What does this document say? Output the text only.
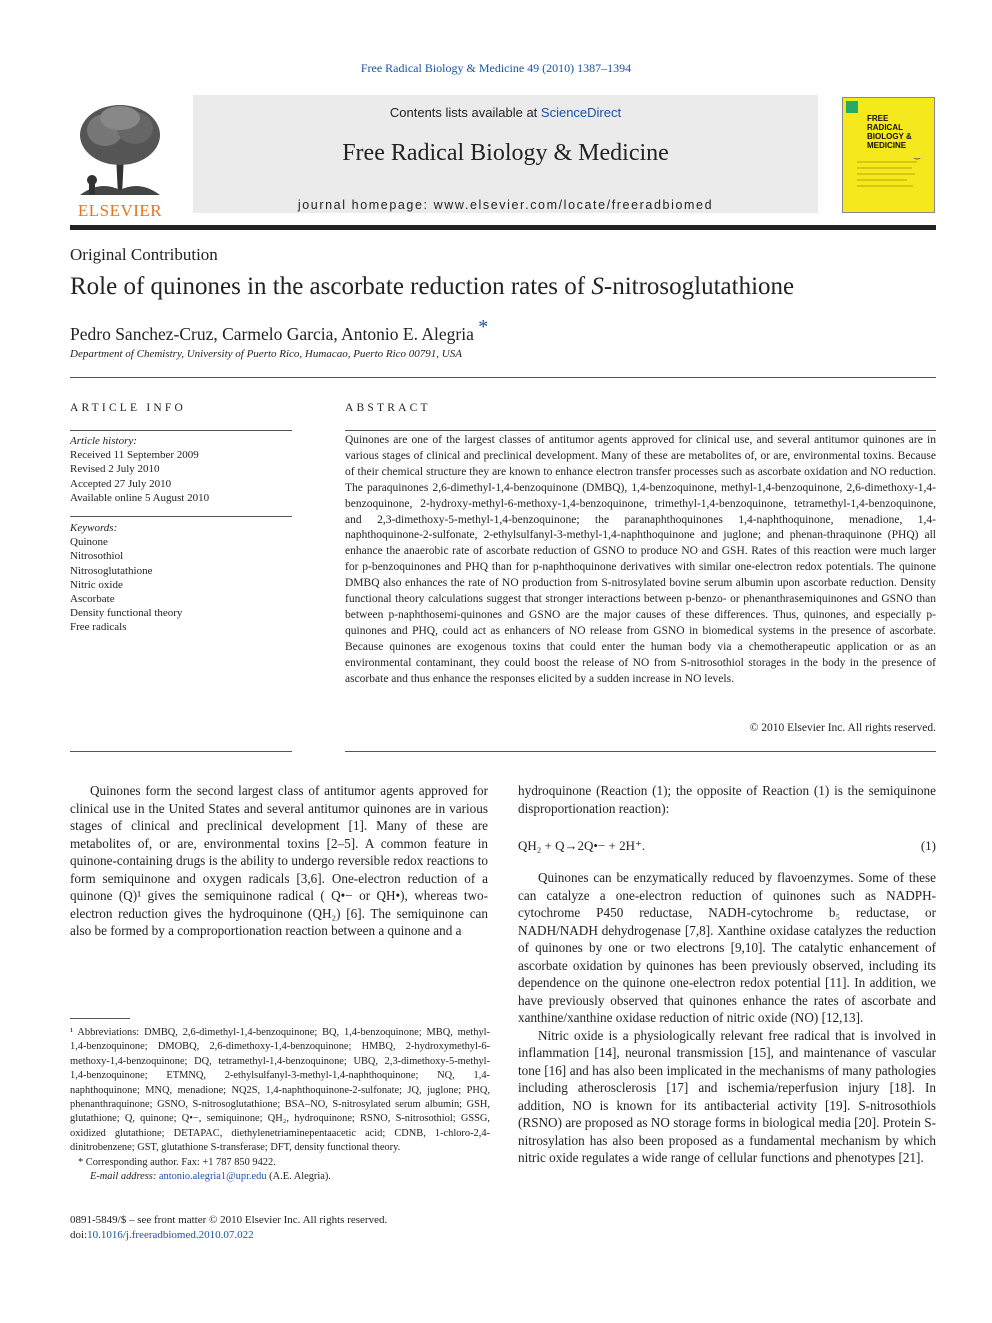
Free Radical Biology & Medicine 49 (2010) 1387–1394
ELSEVIER
Contents lists available at ScienceDirect
Free Radical Biology & Medicine
journal homepage: www.elsevier.com/locate/freeradbiomed
FREE
RADICAL
BIOLOGY &
MEDICINE
Original Contribution
Role of quinones in the ascorbate reduction rates of S-nitrosoglutathione
Pedro Sanchez-Cruz, Carmelo Garcia, Antonio E. Alegria *
Department of Chemistry, University of Puerto Rico, Humacao, Puerto Rico 00791, USA
ARTICLE INFO
Article history:
Received 11 September 2009
Revised 2 July 2010
Accepted 27 July 2010
Available online 5 August 2010
Keywords:
Quinone
Nitrosothiol
Nitrosoglutathione
Nitric oxide
Ascorbate
Density functional theory
Free radicals
ABSTRACT
Quinones are one of the largest classes of antitumor agents approved for clinical use, and several antitumor quinones are in various stages of clinical and preclinical development. Many of these are metabolites of, or are, environmental toxins. Because of their chemical structure they are known to enhance electron transfer processes such as ascorbate oxidation and NO reduction. The paraquinones 2,6-dimethyl-1,4-benzoquinone (DMBQ), 1,4-benzoquinone, methyl-1,4-benzoquinone, 2,6-dimethoxy-1,4-benzoquinone, 2-hydroxy-methyl-6-methoxy-1,4-benzoquinone, trimethyl-1,4-benzoquinone, tetramethyl-1,4-benzoquinone, and 2,3-dimethoxy-5-methyl-1,4-benzoquinone; the paranaphthoquinones 1,4-naphthoquinone, menadione, 1,4-naphthoquinone-2-sulfonate, 2-ethylsulfanyl-3-methyl-1,4-naphthoquinone and juglone; and phenan-thraquinone (PHQ) all enhance the anaerobic rate of ascorbate reduction of GSNO to produce NO and GSH. Rates of this reaction were much larger for p-benzoquinones and PHQ than for p-naphthoquinone derivatives with similar one-electron redox potentials. The quinone DMBQ also enhances the rate of NO production from S-nitrosylated bovine serum albumin upon ascorbate reduction. Density functional theory calculations suggest that stronger interactions between p-benzo- or phenanthrasemiquinones and GSNO than between p-naphthosemi-quinones and GSNO are the major causes of these differences. Thus, quinones, and especially p-quinones and PHQ, could act as enhancers of NO release from GSNO in biomedical systems in the presence of ascorbate. Because quinones are exogenous toxins that could enter the human body via a chemotherapeutic application or as an environmental contaminant, they could boost the release of NO from S-nitrosothiol storages in the body in the presence of ascorbate and thus enhance the responses elicited by a sudden increase in NO levels.
© 2010 Elsevier Inc. All rights reserved.

Quinones form the second largest class of antitumor agents approved for clinical use in the United States and several antitumor quinones are in various stages of clinical and preclinical development [1]. Many of these are metabolites of, or are, environmental toxins [2–5]. A common feature in quinone-containing drugs is the ability to undergo reversible redox reactions to form semiquinone and oxygen radicals [3,6]. One-electron reduction of a quinone (Q)¹ gives the semiquinone radical ( Q•− or QH•), whereas two-electron reduction gives the hydroquinone (QH₂) [6]. The semiquinone can also be formed by a comproportionation reaction between a quinone and a

hydroquinone (Reaction (1); the opposite of Reaction (1) is the semiquinone disproportionation reaction):

QH₂ + Q→2Q•− + 2H⁺.	(1)

Quinones can be enzymatically reduced by flavoenzymes. Some of these can catalyze a one-electron reduction of quinones such as NADPH-cytochrome P450 reductase, NADH-cytochrome b₅ reductase, or NADH/NADH dehydrogenase [7,8]. Xanthine oxidase catalyzes the reduction of quinones by one or two electrons [9,10]. The catalytic enhancement of ascorbate oxidation by quinones has been previously observed, including its dependence on the quinone one-electron redox potential [11]. In addition, we have previously observed that quinones enhance the rates of ascorbate and xanthine/xanthine oxidase reduction of nitric oxide (NO) [12,13].

Nitric oxide is a physiologically relevant free radical that is involved in inflammation [14], neuronal transmission [15], and maintenance of vascular tone [16] and has also been implicated in the mechanisms of many pathologies including atherosclerosis [17] and ischemia/reperfusion injury [18]. In addition, NO is known for its antibacterial activity [19]. S-nitrosothiols (RSNO) are proposed as NO storage forms in biological media [20]. Protein S-nitrosylation has also been proposed as a fundamental mechanism by which nitric oxide regulates a wide range of cellular functions and phenotypes [21].

¹ Abbreviations: DMBQ, 2,6-dimethyl-1,4-benzoquinone; BQ, 1,4-benzoquinone; MBQ, methyl-1,4-benzoquinone; DMOBQ, 2,6-dimethoxy-1,4-benzoquinone; HMBQ, 2-hydroxymethyl-6-methoxy-1,4-benzoquinone; DQ, tetramethyl-1,4-benzoquinone; UBQ, 2,3-dimethoxy-5-methyl-1,4-benzoquinone; ETMNQ, 2-ethylsulfanyl-3-methyl-1,4-naphthoquinone; NQ, 1,4-naphthoquinone; MNQ, menadione; NQ2S, 1,4-naphthoquinone-2-sulfonate; JQ, juglone; PHQ, phenanthraquinone; GSNO, S-nitrosoglutathione; BSA–NO, S-nitrosylated serum albumin; GSH, glutathione; Q, quinone; Q•−, semiquinone; QH₂, hydroquinone; RSNO, S-nitrosothiol; GSSG, oxidized glutathione; DETAPAC, diethylenetriaminepentaacetic acid; CDNB, 1-chloro-2,4-dinitrobenzene; GST, glutathione S-transferase; DFT, density functional theory.

* Corresponding author. Fax: +1 787 850 9422.

E-mail address: antonio.alegria1@upr.edu (A.E. Alegria).

0891-5849/$ – see front matter © 2010 Elsevier Inc. All rights reserved.
doi:10.1016/j.freeradbiomed.2010.07.022
